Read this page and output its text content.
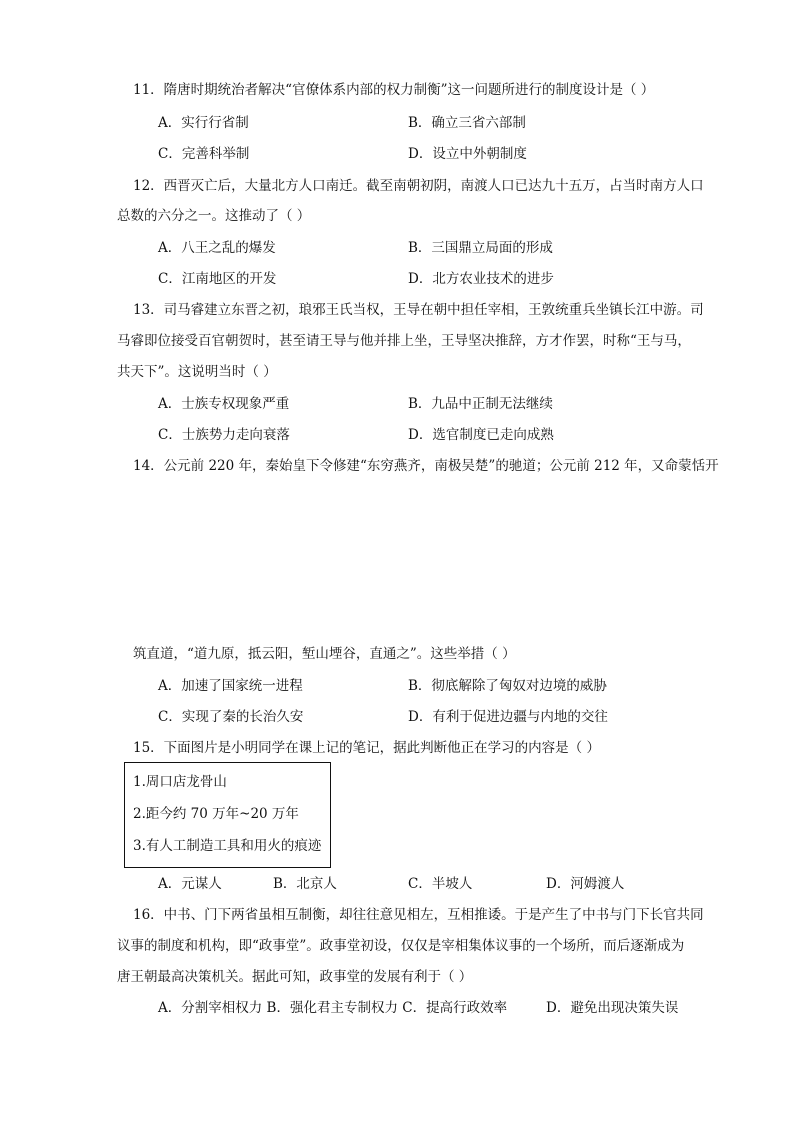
11．隋唐时期统治者解决“官僚体系内部的权力制衡”这一问题所进行的制度设计是（ ）
A．实行行省制	B．确立三省六部制
C．完善科举制	D．设立中外朝制度
12．西晋灭亡后，大量北方人口南迁。截至南朝初阴，南渡人口已达九十五万，占当时南方人口
总数的六分之一。这推动了（ ）
A．八王之乱的爆发	B．三国鼎立局面的形成
C．江南地区的开发	D．北方农业技术的进步
13．司马睿建立东晋之初，琅邪王氏当权，王导在朝中担任宰相，王敦统重兵坐镇长江中游。司
马睿即位接受百官朝贺时，甚至请王导与他并排上坐，王导坚决推辞，方才作罢，时称“王与马，
共天下”。这说明当时（ ）
A．士族专权现象严重	B．九品中正制无法继续
C．士族势力走向衰落	D．选官制度已走向成熟
14．公元前 220 年，秦始皇下令修建“东穷燕齐，南极吴楚”的驰道；公元前 212 年，又命蒙恬开
筑直道，“道九原，抵云阳，堑山堙谷，直通之”。这些举措（ ）
A．加速了国家统一进程	B．彻底解除了匈奴对边境的威胁
C．实现了秦的长治久安	D．有利于促进边疆与内地的交往
15．下面图片是小明同学在课上记的笔记，据此判断他正在学习的内容是（ ）
1.周口店龙骨山
2.距今约 70 万年~20 万年
3.有人工制造工具和用火的痕迹
A．元谋人	B．北京人	C．半坡人	D．河姆渡人
16．中书、门下两省虽相互制衡，却往往意见相左，互相推诿。于是产生了中书与门下长官共同
议事的制度和机构，即“政事堂”。政事堂初设，仅仅是宰相集体议事的一个场所，而后逐渐成为
唐王朝最高决策机关。据此可知，政事堂的发展有利于（ ）
A．分割宰相权力 B．强化君主专制权力 C．提高行政效率	D．避免出现决策失误
